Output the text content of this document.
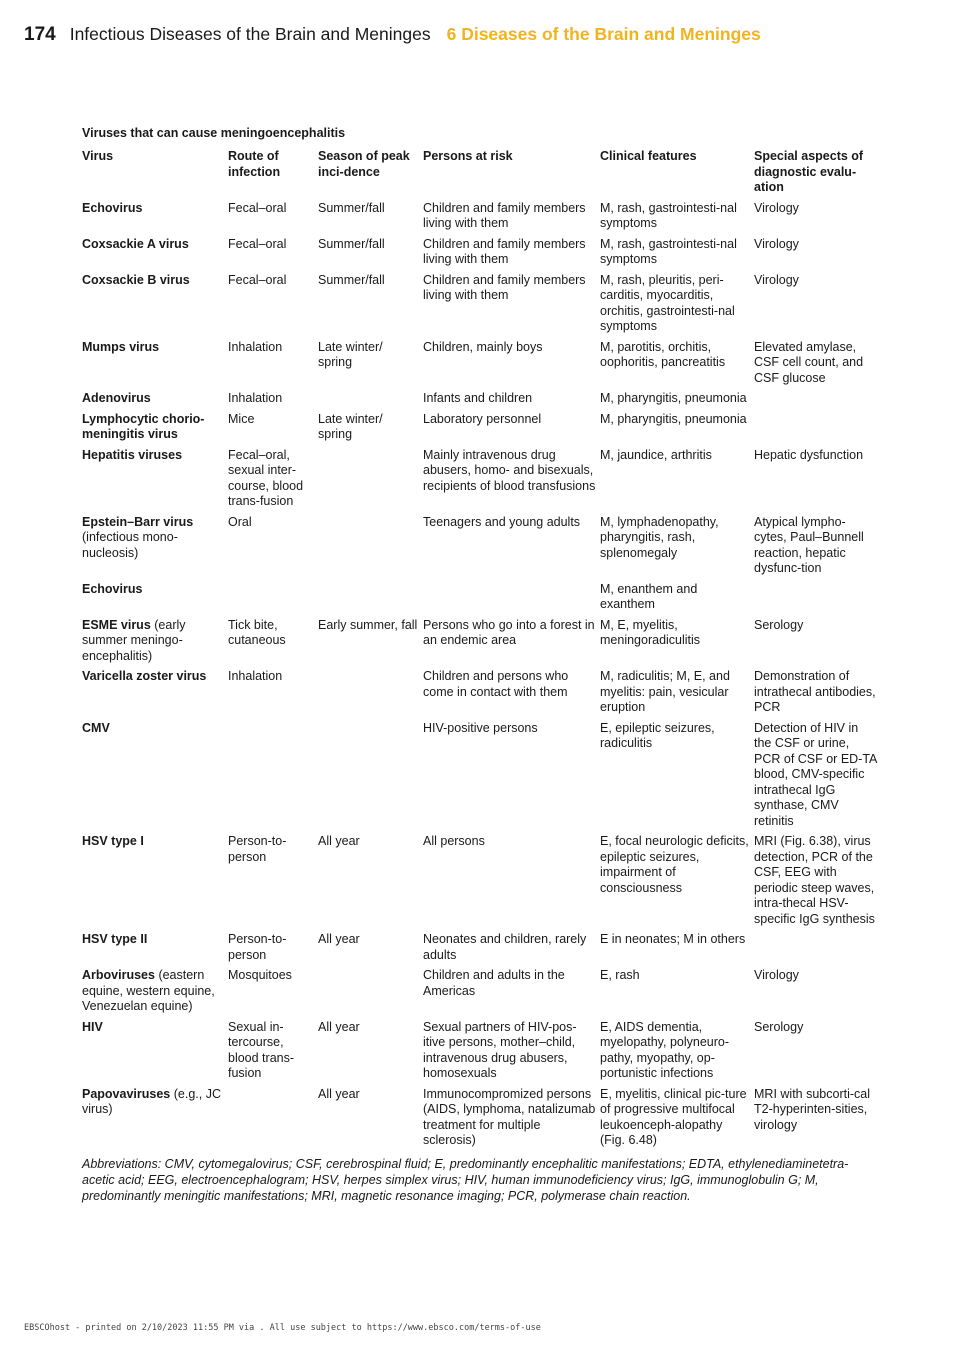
174 Infectious Diseases of the Brain and Meninges 6 Diseases of the Brain and Meninges
Viruses that can cause meningoencephalitis
Virus	Route of infection	Season of peak inci-dence	Persons at risk	Clinical features	Special aspects of diagnostic evalu-ation
Echovirus	Fecal–oral	Summer/fall	Children and family members living with them	M, rash, gastrointesti-nal symptoms	Virology
Coxsackie A virus	Fecal–oral	Summer/fall	Children and family members living with them	M, rash, gastrointesti-nal symptoms	Virology
Coxsackie B virus	Fecal–oral	Summer/fall	Children and family members living with them	M, rash, pleuritis, peri-carditis, myocarditis, orchitis, gastrointesti-nal symptoms	Virology
Mumps virus	Inhalation	Late winter/ spring	Children, mainly boys	M, parotitis, orchitis, oophoritis, pancreatitis	Elevated amylase, CSF cell count, and CSF glucose
Adenovirus	Inhalation		Infants and children	M, pharyngitis, pneumonia	
Lymphocytic chorio-meningitis virus	Mice	Late winter/ spring	Laboratory personnel	M, pharyngitis, pneumonia	
Hepatitis viruses	Fecal–oral, sexual inter-course, blood trans-fusion		Mainly intravenous drug abusers, homo- and bisexuals, recipients of blood transfusions	M, jaundice, arthritis	Hepatic dysfunction
Epstein–Barr virus (infectious mono-nucleosis)	Oral		Teenagers and young adults	M, lymphadenopathy, pharyngitis, rash, splenomegaly	Atypical lympho-cytes, Paul–Bunnell reaction, hepatic dysfunc-tion
Echovirus				M, enanthem and exanthem	
ESME virus (early summer meningo-encephalitis)	Tick bite, cutaneous	Early summer, fall	Persons who go into a forest in an endemic area	M, E, myelitis, meningoradiculitis	Serology
Varicella zoster virus	Inhalation		Children and persons who come in contact with them	M, radiculitis; M, E, and myelitis: pain, vesicular eruption	Demonstration of intrathecal antibodies, PCR
CMV			HIV-positive persons	E, epileptic seizures, radiculitis	Detection of HIV in the CSF or urine, PCR of CSF or ED-TA blood, CMV-specific intrathecal IgG synthase, CMV retinitis
HSV type I	Person-to-person	All year	All persons	E, focal neurologic deficits, epileptic seizures, impairment of consciousness	MRI (Fig. 6.38), virus detection, PCR of the CSF, EEG with periodic steep waves, intra-thecal HSV-specific IgG synthesis
HSV type II	Person-to-person	All year	Neonates and children, rarely adults	E in neonates; M in others	
Arboviruses (eastern equine, western equine, Venezuelan equine)	Mosquitoes		Children and adults in the Americas	E, rash	Virology
HIV	Sexual in-tercourse, blood trans-fusion	All year	Sexual partners of HIV-pos-itive persons, mother–child, intravenous drug abusers, homosexuals	E, AIDS dementia, myelopathy, polyneuro-pathy, myopathy, op-portunistic infections	Serology
Papovaviruses (e.g., JC virus)		All year	Immunocompromized persons (AIDS, lymphoma, natalizumab treatment for multiple sclerosis)	E, myelitis, clinical pic-ture of progressive multifocal leukoenceph-alopathy (Fig. 6.48)	MRI with subcorti-cal T2-hyperinten-sities, virology
Abbreviations: CMV, cytomegalovirus; CSF, cerebrospinal fluid; E, predominantly encephalitic manifestations; EDTA, ethylenediaminetetra-acetic acid; EEG, electroencephalogram; HSV, herpes simplex virus; HIV, human immunodeficiency virus; IgG, immunoglobulin G; M, predominantly meningitic manifestations; MRI, magnetic resonance imaging; PCR, polymerase chain reaction.
EBSCOhost - printed on 2/10/2023 11:55 PM via . All use subject to https://www.ebsco.com/terms-of-use
